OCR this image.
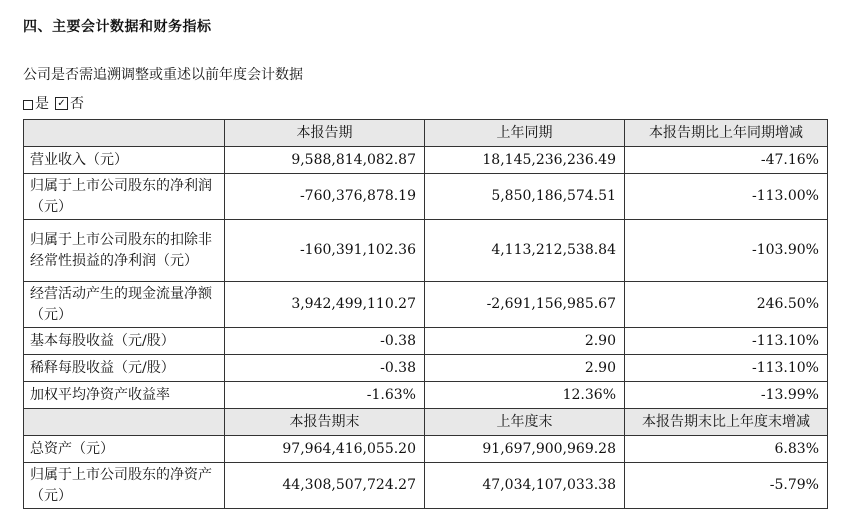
四、主要会计数据和财务指标
公司是否需追溯调整或重述以前年度会计数据
是 ✓ 否
	本报告期	上年同期	本报告期比上年同期增减
营业收入（元）	9,588,814,082.87	18,145,236,236.49	-47.16%
归属于上市公司股东的净利润（元）	-760,376,878.19	5,850,186,574.51	-113.00%
归属于上市公司股东的扣除非经常性损益的净利润（元）	-160,391,102.36	4,113,212,538.84	-103.90%
经营活动产生的现金流量净额（元）	3,942,499,110.27	-2,691,156,985.67	246.50%
基本每股收益（元/股）	-0.38	2.90	-113.10%
稀释每股收益（元/股）	-0.38	2.90	-113.10%
加权平均净资产收益率	-1.63%	12.36%	-13.99%
	本报告期末	上年度末	本报告期末比上年度末增减
总资产（元）	97,964,416,055.20	91,697,900,969.28	6.83%
归属于上市公司股东的净资产（元）	44,308,507,724.27	47,034,107,033.38	-5.79%
